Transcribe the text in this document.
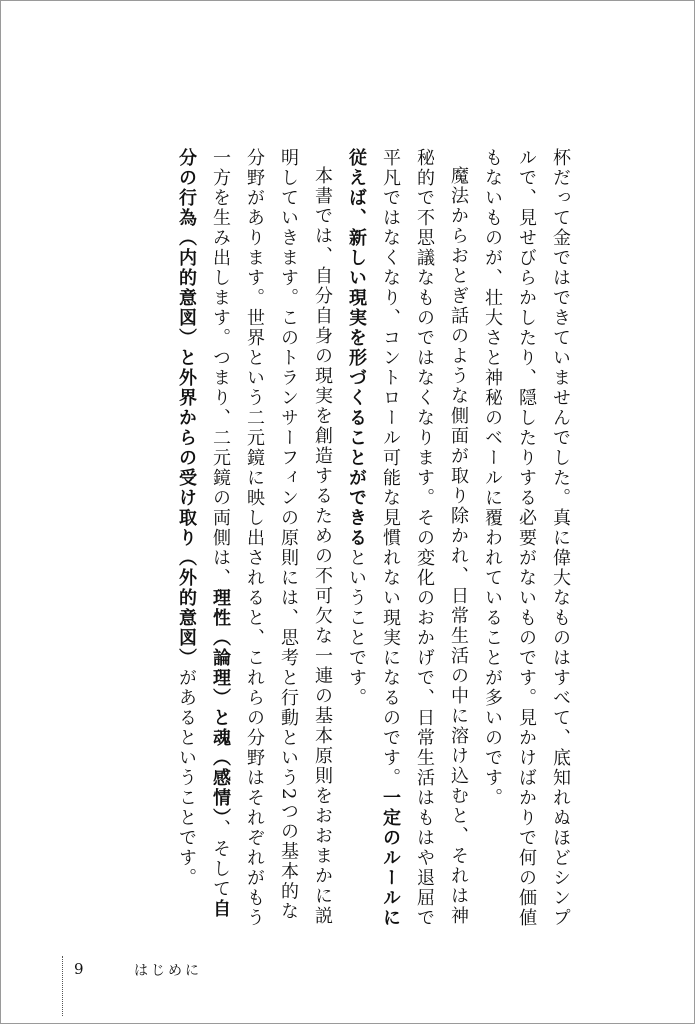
杯だって金ではできていませんでした。真に偉大なものはすべて、底知れぬほどシンプルで、見せびらかしたり、隠したりする必要がないものです。見かけばかりで何の価値もないものが、壮大さと神秘のベールに覆われていることが多いのです。

魔法からおとぎ話のような側面が取り除かれ、日常生活の中に溶け込むと、それは神秘的で不思議なものではなくなります。その変化のおかげで、日常生活はもはや退屈で平凡ではなくなり、コントロール可能な見慣れない現実になるのです。一定のルールに従えば、新しい現実を形づくることができるということです。

本書では、自分自身の現実を創造するための不可欠な一連の基本原則をおおまかに説明していきます。このトランサーフィンの原則には、思考と行動という2つの基本的な分野があります。世界という二元鏡に映し出されると、これらの分野はそれぞれがもう一方を生み出します。つまり、二元鏡の両側は、理性（論理）と魂（感情）、そして自分の行為（内的意図）と外界からの受け取り（外的意図）があるということです。

9	はじめに
